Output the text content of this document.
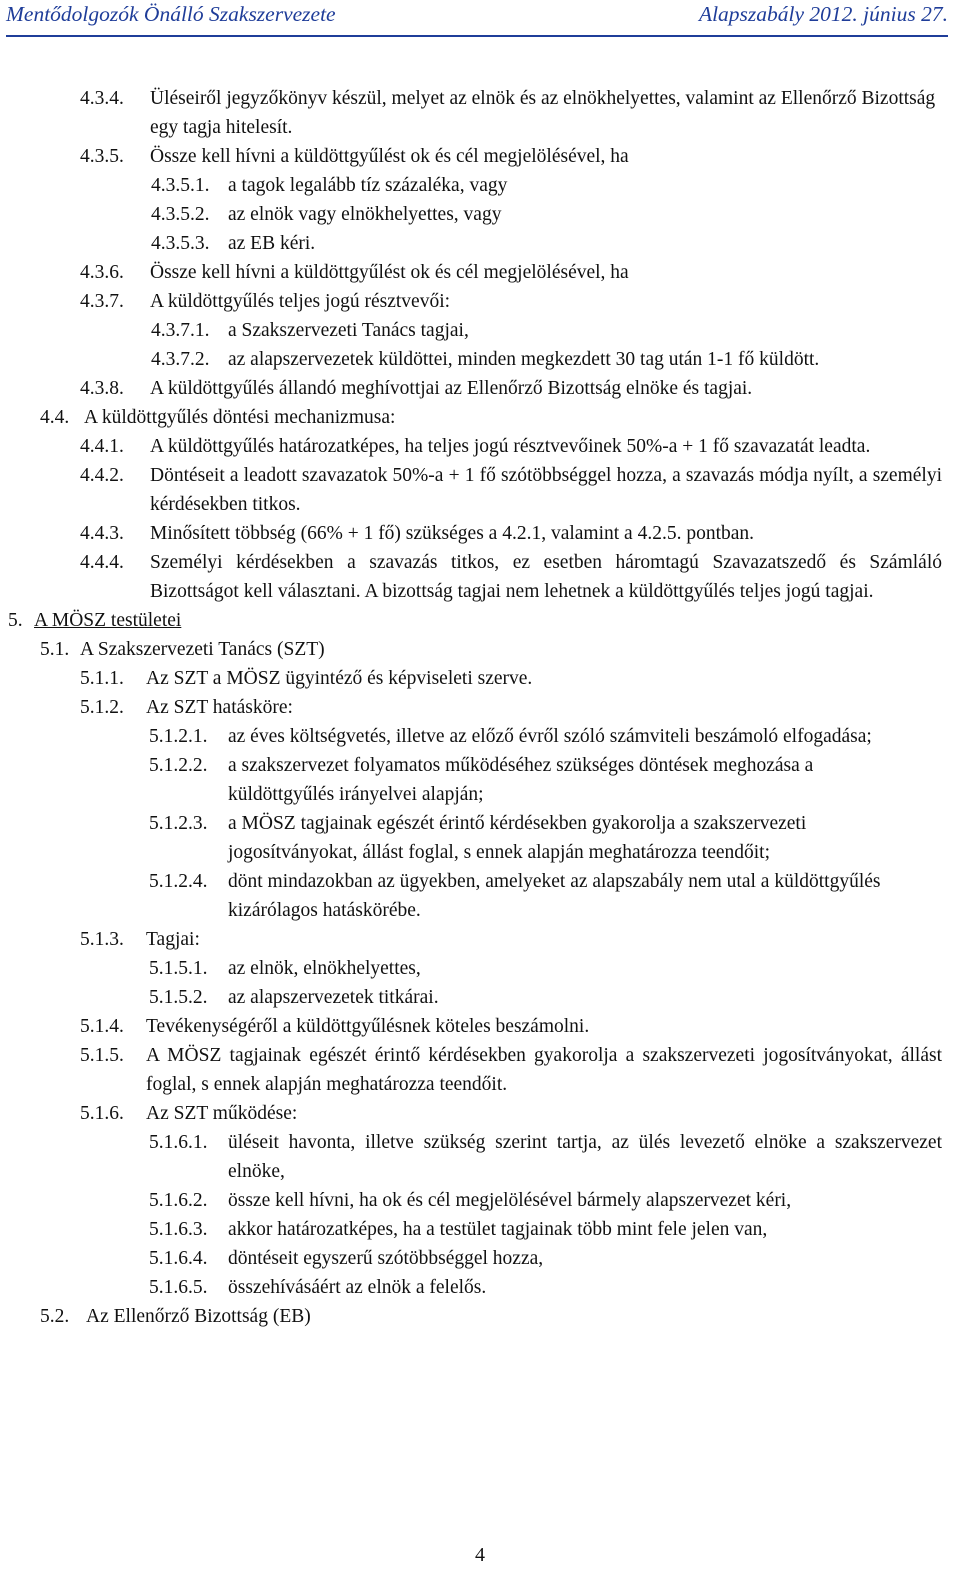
Mentődolgozók Önálló Szakszervezete	Alapszabály 2012. június 27.
4.3.4.	Üléseiről jegyzőkönyv készül, melyet az elnök és az elnökhelyettes, valamint az Ellenőrző Bizottság egy tagja hitelesít.
4.3.5.	Össze kell hívni a küldöttgyűlést ok és cél megjelölésével, ha
4.3.5.1. a tagok legalább tíz százaléka, vagy
4.3.5.2. az elnök vagy elnökhelyettes, vagy
4.3.5.3. az EB kéri.
4.3.6.	Össze kell hívni a küldöttgyűlést ok és cél megjelölésével, ha
4.3.7.	A küldöttgyűlés teljes jogú résztvevői:
4.3.7.1. a Szakszervezeti Tanács tagjai,
4.3.7.2. az alapszervezetek küldöttei, minden megkezdett 30 tag után 1-1 fő küldött.
4.3.8.	A küldöttgyűlés állandó meghívottjai az Ellenőrző Bizottság elnöke és tagjai.
4.4. A küldöttgyűlés döntési mechanizmusa:
4.4.1.	A küldöttgyűlés határozatképes, ha teljes jogú résztvevőinek 50%-a + 1 fő szavazatát leadta.
4.4.2.	Döntéseit a leadott szavazatok 50%-a + 1 fő szótöbbséggel hozza, a szavazás módja nyílt, a személyi kérdésekben titkos.
4.4.3.	Minősített többség (66% + 1 fő) szükséges a 4.2.1, valamint a 4.2.5. pontban.
4.4.4.	Személyi kérdésekben a szavazás titkos, ez esetben háromtagú Szavazatszedő és Számláló Bizottságot kell választani. A bizottság tagjai nem lehetnek a küldöttgyűlés teljes jogú tagjai.
5. A MÖSZ testületei
5.1. A Szakszervezeti Tanács (SZT)
5.1.1.	Az SZT a MÖSZ ügyintéző és képviseleti szerve.
5.1.2.	Az SZT hatásköre:
5.1.2.1.	az éves költségvetés, illetve az előző évről szóló számviteli beszámoló elfogadása;
5.1.2.2.	a szakszervezet folyamatos működéséhez szükséges döntések meghozása a küldöttgyűlés irányelvei alapján;
5.1.2.3.	a MÖSZ tagjainak egészét érintő kérdésekben gyakorolja a szakszervezeti jogosítványokat, állást foglal, s ennek alapján meghatározza teendőit;
5.1.2.4.	dönt mindazokban az ügyekben, amelyeket az alapszabály nem utal a küldöttgyűlés kizárólagos hatáskörébe.
5.1.3.	Tagjai:
5.1.5.1.	az elnök, elnökhelyettes,
5.1.5.2.	az alapszervezetek titkárai.
5.1.4.	Tevékenységéről a küldöttgyűlésnek köteles beszámolni.
5.1.5.	A MÖSZ tagjainak egészét érintő kérdésekben gyakorolja a szakszervezeti jogosítványokat, állást foglal, s ennek alapján meghatározza teendőit.
5.1.6.	Az SZT működése:
5.1.6.1.	üléseit havonta, illetve szükség szerint tartja, az ülés levezető elnöke a szakszervezet elnöke,
5.1.6.2.	össze kell hívni, ha ok és cél megjelölésével bármely alapszervezet kéri,
5.1.6.3.	akkor határozatképes, ha a testület tagjainak több mint fele jelen van,
5.1.6.4.	döntéseit egyszerű szótöbbséggel hozza,
5.1.6.5.	összehívásáért az elnök a felelős.
5.2. Az Ellenőrző Bizottság (EB)
4
